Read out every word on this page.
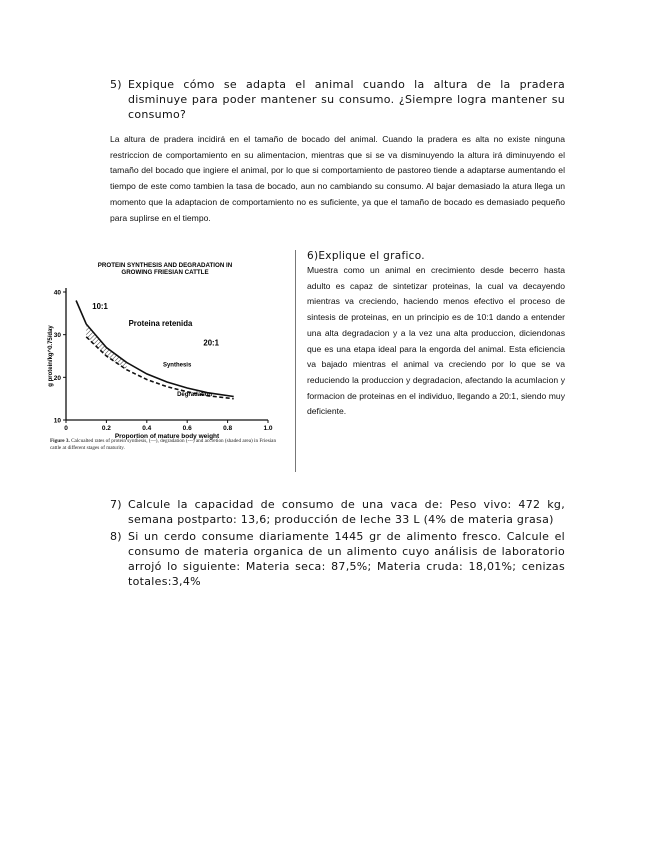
5) Expique cómo se adapta el animal cuando la altura de la pradera disminuye para poder mantener su consumo. ¿Siempre logra mantener su consumo?
La altura de pradera incidirá en el tamaño de bocado del animal. Cuando la pradera es alta no existe ninguna restriccion de comportamiento en su alimentacion, mientras que si se va disminuyendo la altura irá diminuyendo el tamaño del bocado que ingiere el animal, por lo que si comportamiento de pastoreo tiende a adaptarse aumentando el tiempo de este como tambien la tasa de bocado, aun no cambiando su consumo. Al bajar demasiado la atura llega un momento que la adaptacion de comportamiento no es suficiente, ya que el tamaño de bocado es demasiado pequeño para suplirse en el tiempo.
PROTEIN SYNTHESIS AND DEGRADATION IN
GROWING FRIESIAN CATTLE
0	0.2	0.4	0.6	0.8	1.0
10
20
30
40
Proportion of mature body weight
g protein/kg^0.75/day
10:1
Proteina retenida
20:1
Synthesis
Degradation
Figure 3. Calcualted rates of protein synthesis, (—), degradation (---) and accretion (shaded area) in Friesian cattle at different stages of maturity.
6)Explique el grafico.
Muestra como un animal en crecimiento desde becerro hasta adulto es capaz de sintetizar proteinas, la cual va decayendo mientras va creciendo, haciendo menos efectivo el proceso de sintesis de proteinas, en un principio es de 10:1 dando a entender una alta degradacion y a la vez una alta produccion, diciendonas que es una etapa ideal para la engorda del animal. Esta eficiencia va bajado mientras el animal va creciendo por lo que se va reduciendo la produccion y degradacion, afectando la acumlacion y formacion de proteinas en el individuo, llegando a 20:1, siendo muy deficiente.
7) Calcule la capacidad de consumo de una vaca de: Peso vivo: 472 kg, semana postparto: 13,6; producción de leche 33 L (4% de materia grasa)
8) Si un cerdo consume diariamente 1445 gr de alimento fresco. Calcule el consumo de materia organica de un alimento cuyo análisis de laboratorio arrojó lo siguiente: Materia seca: 87,5%; Materia cruda: 18,01%; cenizas totales:3,4%
